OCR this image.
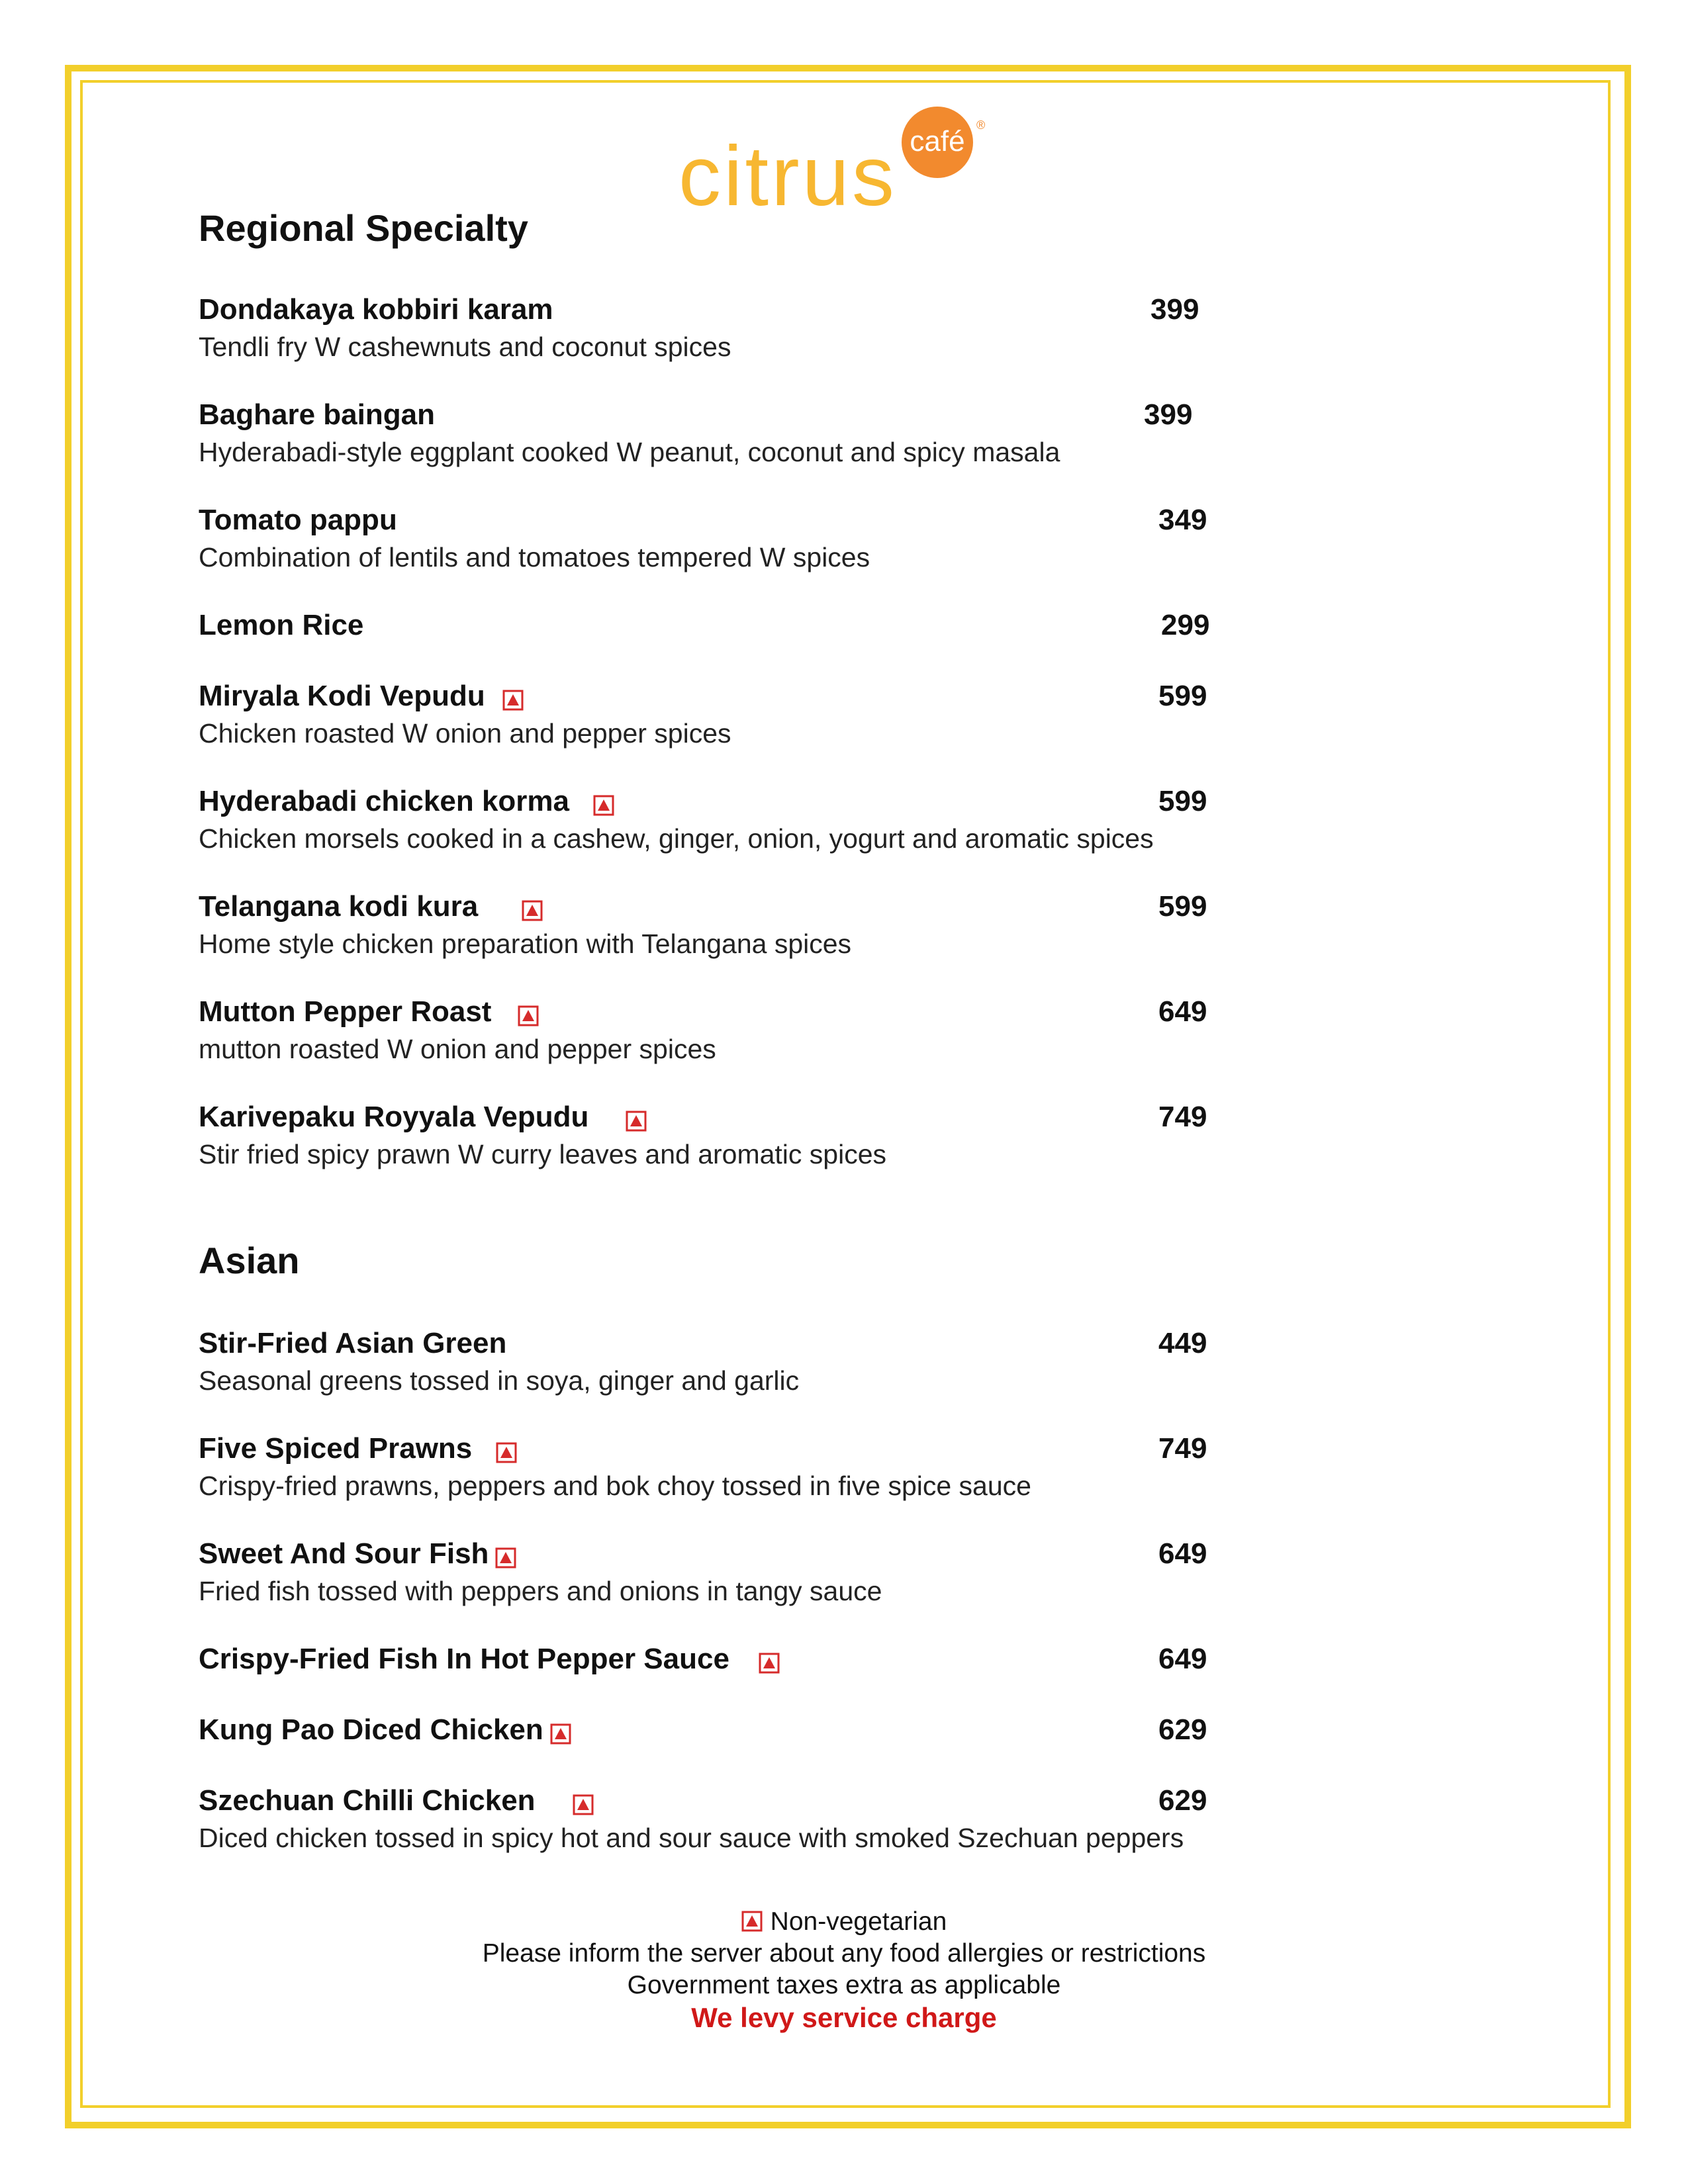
café ®
citrus
Regional Specialty
Dondakaya kobbiri karam	399
Tendli fry W cashewnuts and coconut spices
Baghare baingan	399
Hyderabadi-style eggplant cooked W peanut, coconut and spicy masala
Tomato pappu	349
Combination of lentils and tomatoes tempered W spices
Lemon Rice	299
Miryala Kodi Vepudu	599
Chicken roasted W onion and pepper spices
Hyderabadi chicken korma	599
Chicken morsels cooked in a cashew, ginger, onion, yogurt and aromatic spices
Telangana kodi kura	599
Home style chicken preparation with Telangana spices
Mutton Pepper Roast	649
mutton roasted W onion and pepper spices
Karivepaku Royyala Vepudu	749
Stir fried spicy prawn W curry leaves and aromatic spices
Asian
Stir-Fried Asian Green	449
Seasonal greens tossed in soya, ginger and garlic
Five Spiced Prawns	749
Crispy-fried prawns, peppers and bok choy tossed in five spice sauce
Sweet And Sour Fish	649
Fried fish tossed with peppers and onions in tangy sauce
Crispy-Fried Fish In Hot Pepper Sauce	649
Kung Pao Diced Chicken	629
Szechuan Chilli Chicken	629
Diced chicken tossed in spicy hot and sour sauce with smoked Szechuan peppers
Non-vegetarian
Please inform the server about any food allergies or restrictions
Government taxes extra as applicable
We levy service charge
